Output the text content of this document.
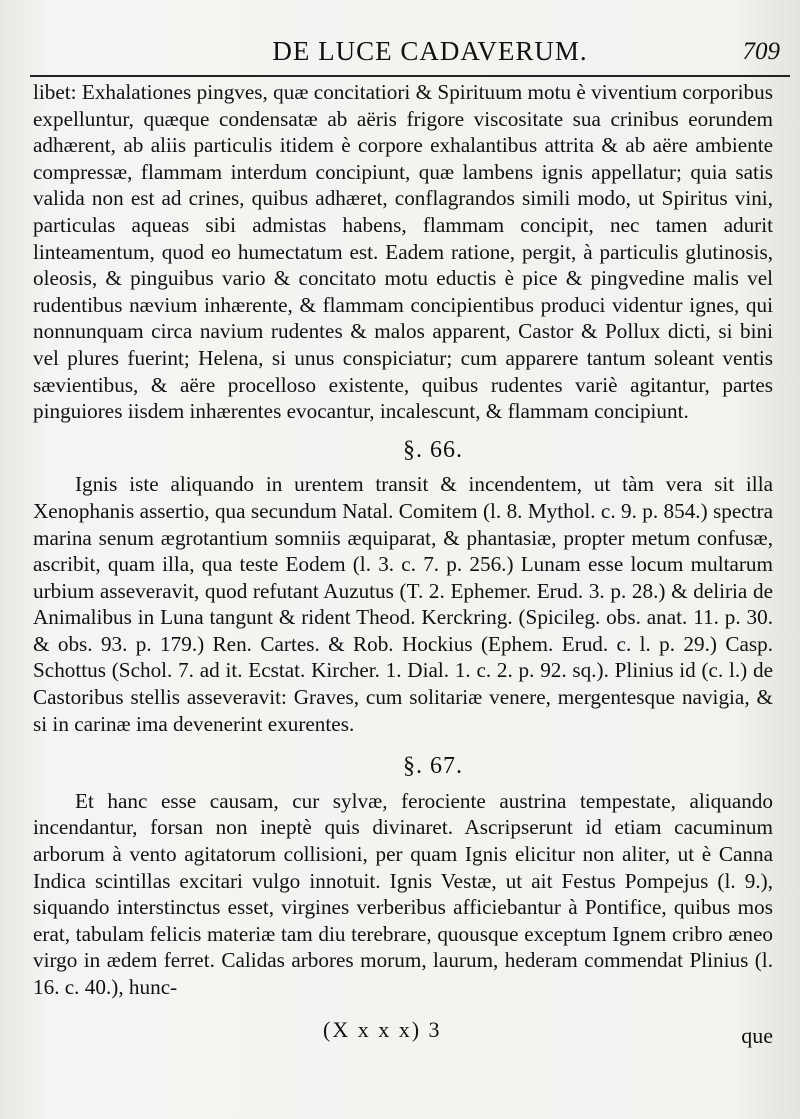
DE LUCE CADAVERUM.	709

libet: Exhalationes pingves, quæ concitatiori & Spirituum motu è viventium corporibus expelluntur, quæque condensatæ ab aëris frigore viscositate sua crinibus eorundem adhærent, ab aliis particulis itidem è corpore exhalantibus attrita & ab aëre ambiente compressæ, flammam interdum concipiunt, quæ lambens ignis appellatur; quia satis valida non est ad crines, quibus adhæret, conflagrandos simili modo, ut Spiritus vini, particulas aqueas sibi admistas habens, flammam concipit, nec tamen adurit linteamentum, quod eo humectatum est. Eadem ratione, pergit, à particulis glutinosis, oleosis, & pinguibus vario & concitato motu eductis è pice & pingvedine malis vel rudentibus nævium inhærente, & flammam concipientibus produci videntur ignes, qui nonnunquam circa navium rudentes & malos apparent, Castor & Pollux dicti, si bini vel plures fuerint; Helena, si unus conspiciatur; cum apparere tantum soleant ventis sævientibus, & aëre procelloso existente, quibus rudentes variè agitantur, partes pinguiores iisdem inhærentes evocantur, incalescunt, & flammam concipiunt.

§. 66.

Ignis iste aliquando in urentem transit & incendentem, ut tàm vera sit illa Xenophanis assertio, qua secundum Natal. Comitem (l. 8. Mythol. c. 9. p. 854.) spectra marina senum ægrotantium somniis æquiparat, & phantasiæ, propter metum confusæ, ascribit, quam illa, qua teste Eodem (l. 3. c. 7. p. 256.) Lunam esse locum multarum urbium asseveravit, quod refutant Auzutus (T. 2. Ephemer. Erud. 3. p. 28.) & deliria de Animalibus in Luna tangunt & rident Theod. Kerckring. (Spicileg. obs. anat. 11. p. 30. & obs. 93. p. 179.) Ren. Cartes. & Rob. Hockius (Ephem. Erud. c. l. p. 29.) Casp. Schottus (Schol. 7. ad it. Ecstat. Kircher. 1. Dial. 1. c. 2. p. 92. sq.). Plinius id (c. l.) de Castoribus stellis asseveravit: Graves, cum solitariæ venere, mergentesque navigia, & si in carinæ ima devenerint exurentes.

§. 67.

Et hanc esse causam, cur sylvæ, ferociente austrina tempestate, aliquando incendantur, forsan non ineptè quis divinaret. Ascripserunt id etiam cacuminum arborum à vento agitatorum collisioni, per quam Ignis elicitur non aliter, ut è Canna Indica scintillas excitari vulgo innotuit. Ignis Vestæ, ut ait Festus Pompejus (l. 9.), siquando interstinctus esset, virgines verberibus afficiebantur à Pontifice, quibus mos erat, tabulam felicis materiæ tam diu terebrare, quousque exceptum Ignem cribro æneo virgo in ædem ferret. Calidas arbores morum, laurum, hederam commendat Plinius (l. 16. c. 40.), hunc-

(X x x x) 3	que
